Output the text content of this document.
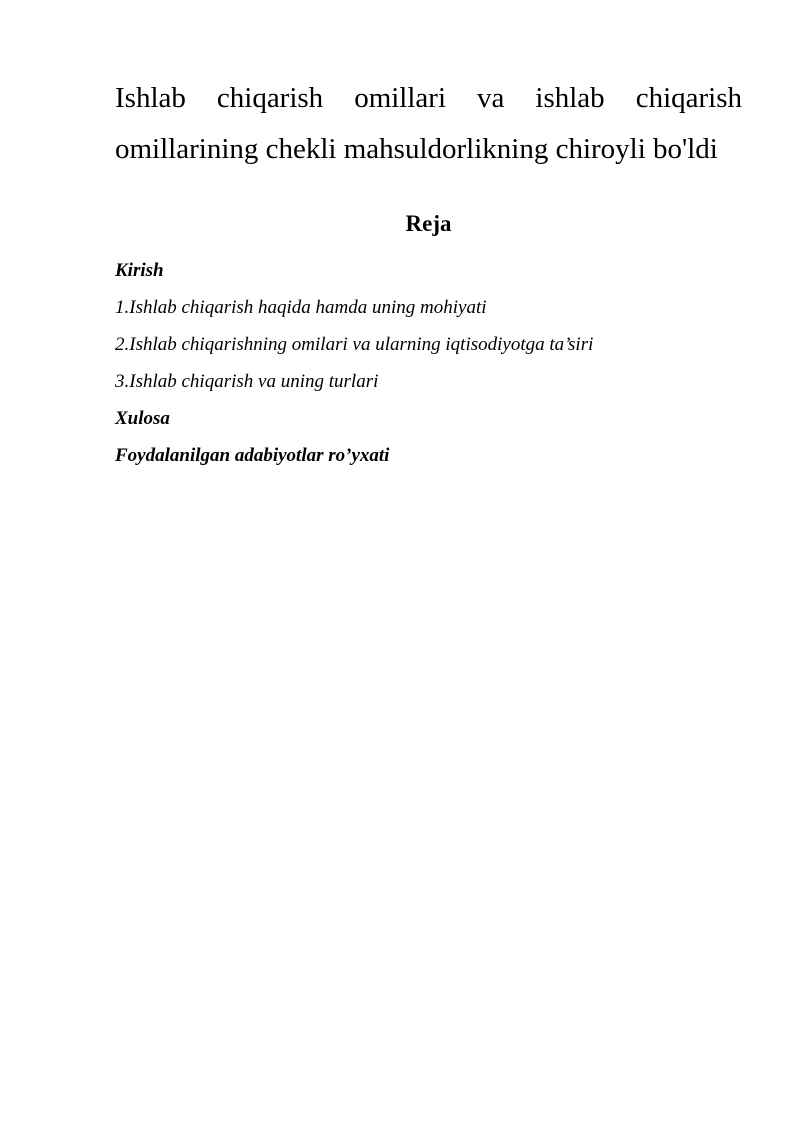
Ishlab chiqarish omillari va ishlab chiqarish
omillarining chekli mahsuldorlikning chiroyli bo'ldi
Reja
Kirish
1.Ishlab chiqarish haqida hamda uning mohiyati
2.Ishlab chiqarishning omilari va ularning iqtisodiyotga ta’siri
3.Ishlab chiqarish va uning turlari
Xulosa
Foydalanilgan adabiyotlar ro’yxati
